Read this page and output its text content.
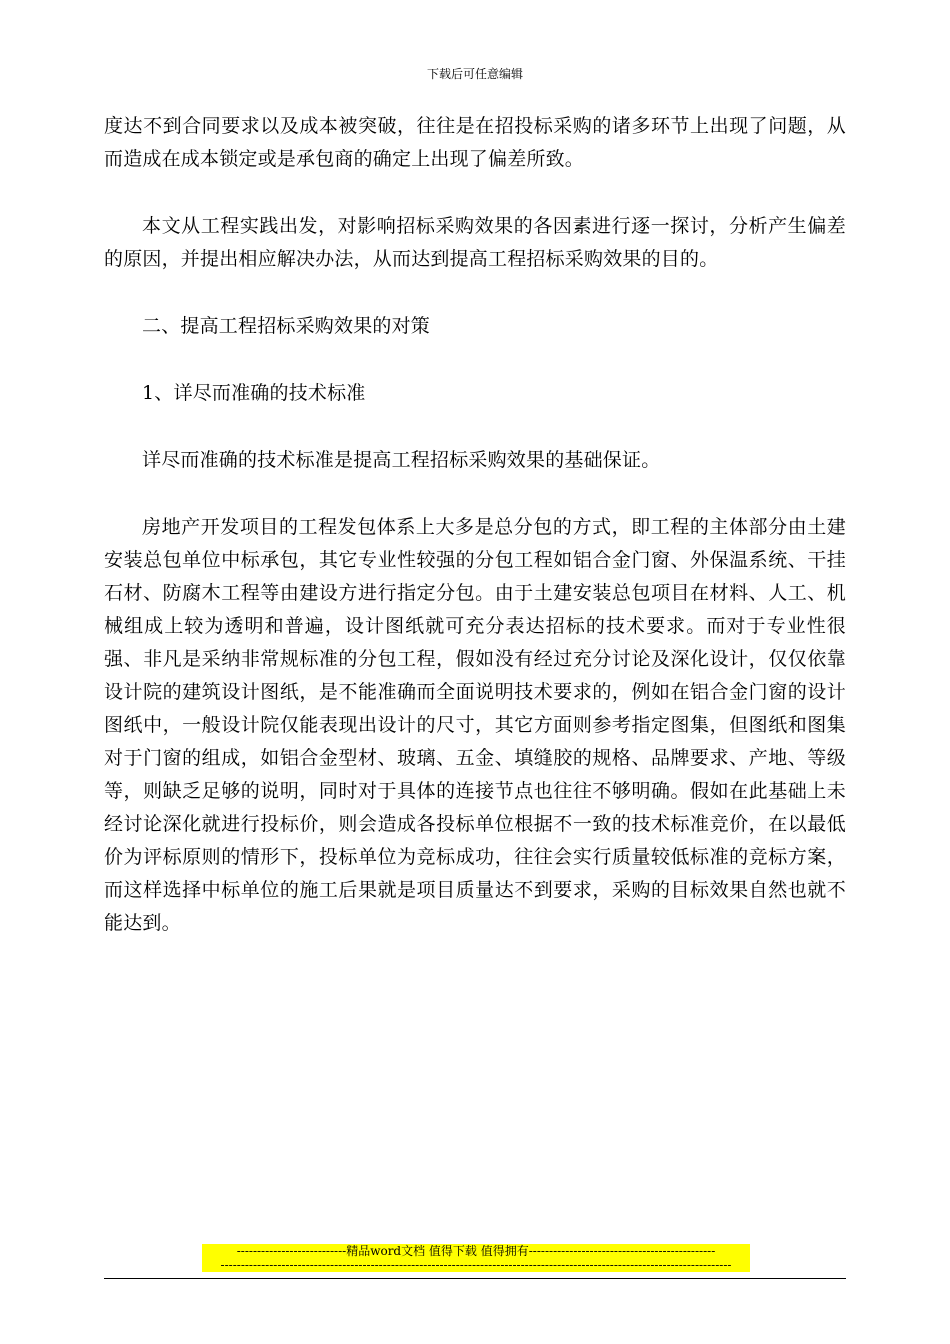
下载后可任意编辑

度达不到合同要求以及成本被突破，往往是在招投标采购的诸多环节上出现了问题，从而造成在成本锁定或是承包商的确定上出现了偏差所致。

本文从工程实践出发，对影响招标采购效果的各因素进行逐一探讨，分析产生偏差的原因，并提出相应解决办法，从而达到提高工程招标采购效果的目的。

二、提高工程招标采购效果的对策

1、详尽而准确的技术标准

详尽而准确的技术标准是提高工程招标采购效果的基础保证。

房地产开发项目的工程发包体系上大多是总分包的方式，即工程的主体部分由土建安装总包单位中标承包，其它专业性较强的分包工程如铝合金门窗、外保温系统、干挂石材、防腐木工程等由建设方进行指定分包。由于土建安装总包项目在材料、人工、机械组成上较为透明和普遍，设计图纸就可充分表达招标的技术要求。而对于专业性很强、非凡是采纳非常规标准的分包工程，假如没有经过充分讨论及深化设计，仅仅依靠设计院的建筑设计图纸，是不能准确而全面说明技术要求的，例如在铝合金门窗的设计图纸中，一般设计院仅能表现出设计的尺寸，其它方面则参考指定图集，但图纸和图集对于门窗的组成，如铝合金型材、玻璃、五金、填缝胶的规格、品牌要求、产地、等级等，则缺乏足够的说明，同时对于具体的连接节点也往往不够明确。假如在此基础上未经讨论深化就进行投标价，则会造成各投标单位根据不一致的技术标准竞价，在以最低价为评标原则的情形下，投标单位为竞标成功，往往会实行质量较低标准的竞标方案，而这样选择中标单位的施工后果就是项目质量达不到要求，采购的目标效果自然也就不能达到。

---------------------------精品word文档 值得下载 值得拥有----------------------------------------------
------------------------------------------------------------------------------------------------------------------------------
